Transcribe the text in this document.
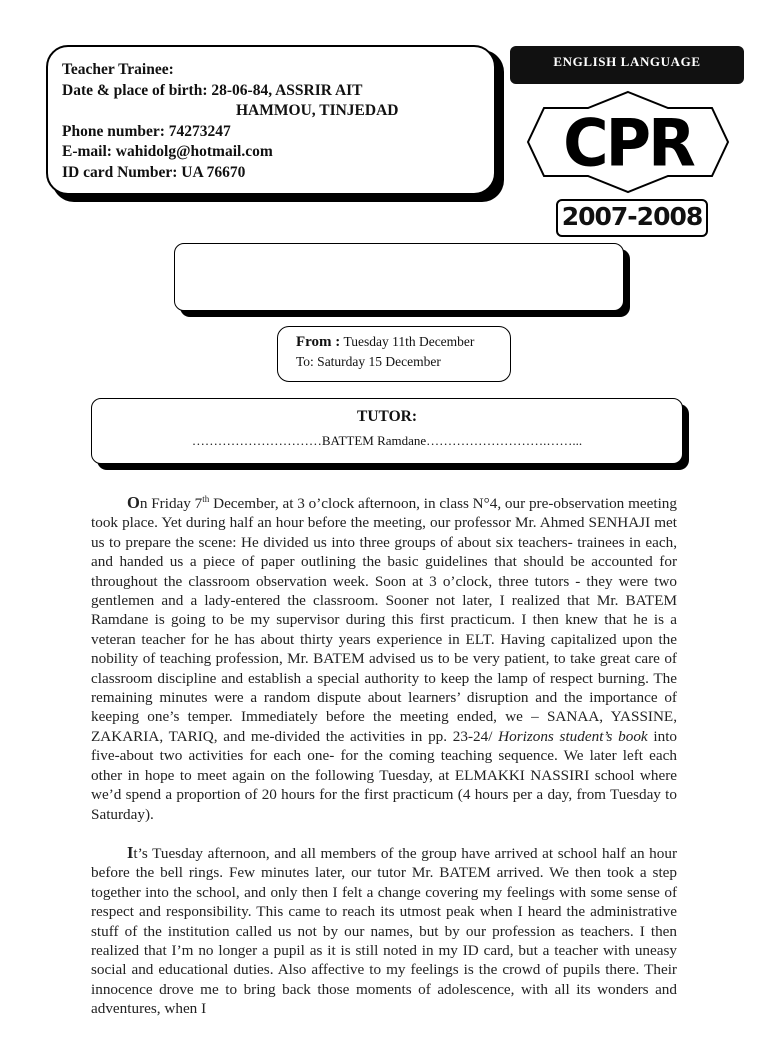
Teacher Trainee:
Date & place of birth: 28-06-84, ASSRIR AIT
HAMMOU, TINJEDAD
Phone number: 74273247
E-mail: wahidolg@hotmail.com
ID card Number: UA 76670
ENGLISH LANGUAGE
CPR
2007-2008
From : Tuesday 11th December
To: Saturday 15 December
TUTOR:
…………………………BATTEM Ramdane……………………….……...

On Friday 7th December, at 3 o’clock afternoon, in class N°4, our pre-observation meeting took place. Yet during half an hour before the meeting, our professor Mr. Ahmed SENHAJI met us to prepare the scene: He divided us into three groups of about six teachers- trainees in each, and handed us a piece of paper outlining the basic guidelines that should be accounted for throughout the classroom observation week. Soon at 3 o’clock, three tutors - they were two gentlemen and a lady-entered the classroom. Sooner not later, I realized that Mr. BATEM Ramdane is going to be my supervisor during this first practicum. I then knew that he is a veteran teacher for he has about thirty years experience in ELT. Having capitalized upon the nobility of teaching profession, Mr. BATEM advised us to be very patient, to take great care of classroom discipline and establish a special authority to keep the lamp of respect burning. The remaining minutes were a random dispute about learners’ disruption and the importance of keeping one’s temper. Immediately before the meeting ended, we – SANAA, YASSINE, ZAKARIA, TARIQ, and me-divided the activities in pp. 23-24/ Horizons student’s book into five-about two activities for each one- for the coming teaching sequence. We later left each other in hope to meet again on the following Tuesday, at ELMAKKI NASSIRI school where we’d spend a proportion of 20 hours for the first practicum (4 hours per a day, from Tuesday to Saturday).

It’s Tuesday afternoon, and all members of the group have arrived at school half an hour before the bell rings. Few minutes later, our tutor Mr. BATEM arrived. We then took a step together into the school, and only then I felt a change covering my feelings with some sense of respect and responsibility. This came to reach its utmost peak when I heard the administrative stuff of the institution called us not by our names, but by our profession as teachers. I then realized that I’m no longer a pupil as it is still noted in my ID card, but a teacher with uneasy social and educational duties. Also affective to my feelings is the crowd of pupils there. Their innocence drove me to bring back those moments of adolescence, with all its wonders and adventures, when I
